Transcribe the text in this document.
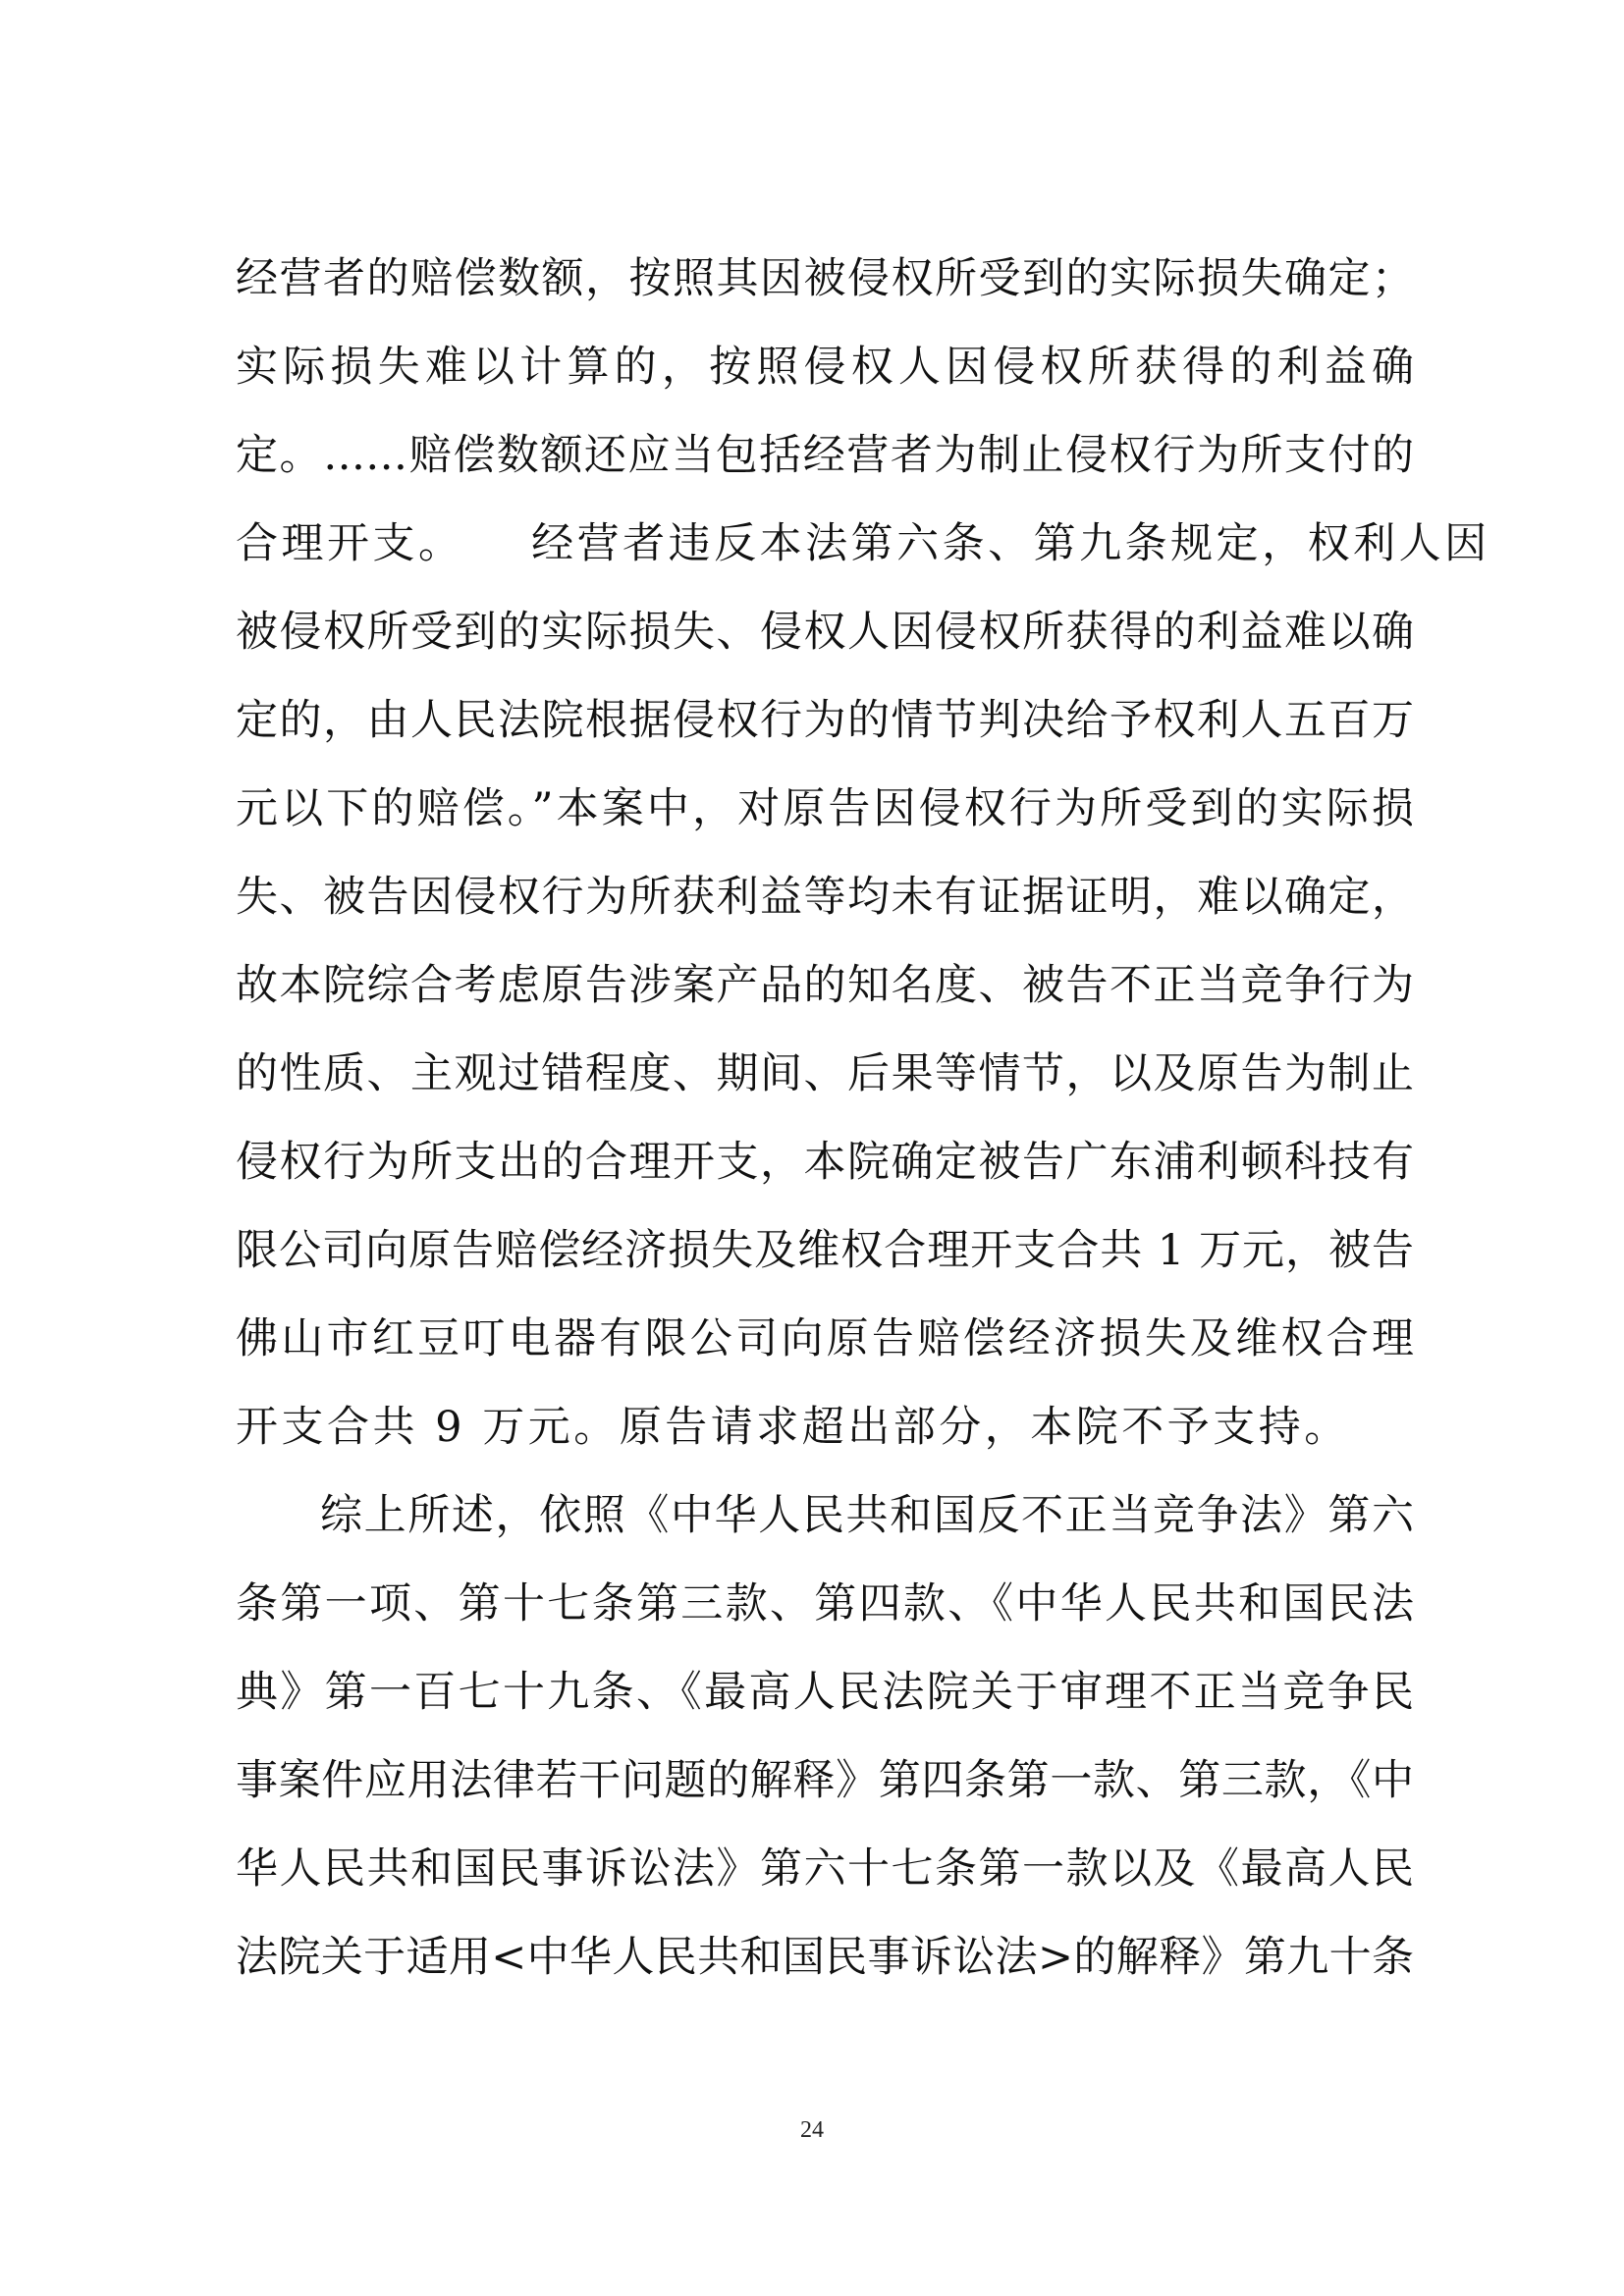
经营者的赔偿数额，按照其因被侵权所受到的实际损失确定；
实际损失难以计算的，按照侵权人因侵权所获得的利益确
定。……赔偿数额还应当包括经营者为制止侵权行为所支付的
合理开支。    经营者违反本法第六条、第九条规定，权利人因
被侵权所受到的实际损失、侵权人因侵权所获得的利益难以确
定的，由人民法院根据侵权行为的情节判决给予权利人五百万
元以下的赔偿。”本案中，对原告因侵权行为所受到的实际损
失、被告因侵权行为所获利益等均未有证据证明，难以确定，
故本院综合考虑原告涉案产品的知名度、被告不正当竞争行为
的性质、主观过错程度、期间、后果等情节，以及原告为制止
侵权行为所支出的合理开支，本院确定被告广东浦利顿科技有
限公司向原告赔偿经济损失及维权合理开支合共 1 万元，被告
佛山市红豆叮电器有限公司向原告赔偿经济损失及维权合理
开支合共 9 万元。原告请求超出部分，本院不予支持。
综上所述，依照《中华人民共和国反不正当竞争法》第六
条第一项、第十七条第三款、第四款、《中华人民共和国民法
典》第一百七十九条、《最高人民法院关于审理不正当竞争民
事案件应用法律若干问题的解释》第四条第一款、第三款，《中
华人民共和国民事诉讼法》第六十七条第一款以及《最高人民
法院关于适用<中华人民共和国民事诉讼法>的解释》第九十条
24
